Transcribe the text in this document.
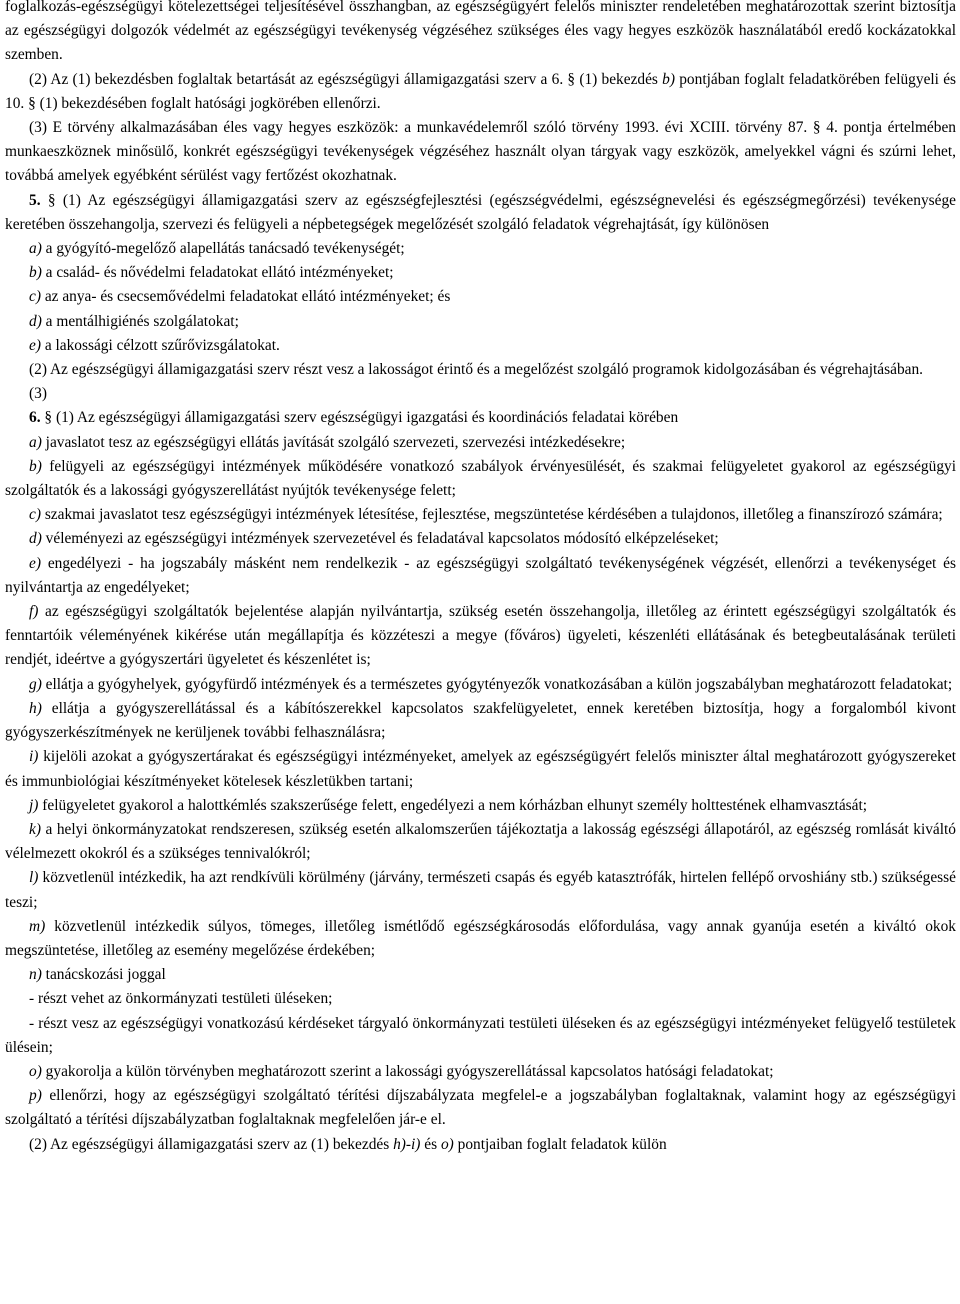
foglalkozás-egészségügyi kötelezettségei teljesítésével összhangban, az egészségügyért felelős miniszter rendeletében meghatározottak szerint biztosítja az egészségügyi dolgozók védelmét az egészségügyi tevékenység végzéséhez szükséges éles vagy hegyes eszközök használatából eredő kockázatokkal szemben.

(2) Az (1) bekezdésben foglaltak betartását az egészségügyi államigazgatási szerv a 6. § (1) bekezdés b) pontjában foglalt feladatkörében felügyeli és 10. § (1) bekezdésében foglalt hatósági jogkörében ellenőrzi.

(3) E törvény alkalmazásában éles vagy hegyes eszközök: a munkavédelemről szóló törvény 1993. évi XCIII. törvény 87. § 4. pontja értelmében munkaeszköznek minősülő, konkrét egészségügyi tevékenységek végzéséhez használt olyan tárgyak vagy eszközök, amelyekkel vágni és szúrni lehet, továbbá amelyek egyébként sérülést vagy fertőzést okozhatnak.

5. § (1) Az egészségügyi államigazgatási szerv az egészségfejlesztési (egészségvédelmi, egészségnevelési és egészségmegőrzési) tevékenysége keretében összehangolja, szervezi és felügyeli a népbetegségek megelőzését szolgáló feladatok végrehajtását, így különösen

a) a gyógyító-megelőző alapellátás tanácsadó tevékenységét;

b) a család- és nővédelmi feladatokat ellátó intézményeket;

c) az anya- és csecsemővédelmi feladatokat ellátó intézményeket; és

d) a mentálhigiénés szolgálatokat;

e) a lakossági célzott szűrővizsgálatokat.

(2) Az egészségügyi államigazgatási szerv részt vesz a lakosságot érintő és a megelőzést szolgáló programok kidolgozásában és végrehajtásában.

(3)

6. § (1) Az egészségügyi államigazgatási szerv egészségügyi igazgatási és koordinációs feladatai körében

a) javaslatot tesz az egészségügyi ellátás javítását szolgáló szervezeti, szervezési intézkedésekre;

b) felügyeli az egészségügyi intézmények működésére vonatkozó szabályok érvényesülését, és szakmai felügyeletet gyakorol az egészségügyi szolgáltatók és a lakossági gyógyszerellátást nyújtók tevékenysége felett;

c) szakmai javaslatot tesz egészségügyi intézmények létesítése, fejlesztése, megszüntetése kérdésében a tulajdonos, illetőleg a finanszírozó számára;

d) véleményezi az egészségügyi intézmények szervezetével és feladatával kapcsolatos módosító elképzeléseket;

e) engedélyezi - ha jogszabály másként nem rendelkezik - az egészségügyi szolgáltató tevékenységének végzését, ellenőrzi a tevékenységet és nyilvántartja az engedélyeket;

f) az egészségügyi szolgáltatók bejelentése alapján nyilvántartja, szükség esetén összehangolja, illetőleg az érintett egészségügyi szolgáltatók és fenntartóik véleményének kikérése után megállapítja és közzéteszi a megye (főváros) ügyeleti, készenléti ellátásának és betegbeutalásának területi rendjét, ideértve a gyógyszertári ügyeletet és készenlétet is;

g) ellátja a gyógyhelyek, gyógyfürdő intézmények és a természetes gyógytényezők vonatkozásában a külön jogszabályban meghatározott feladatokat;

h) ellátja a gyógyszerellátással és a kábítószerekkel kapcsolatos szakfelügyeletet, ennek keretében biztosítja, hogy a forgalomból kivont gyógyszerkészítmények ne kerüljenek további felhasználásra;

i) kijelöli azokat a gyógyszertárakat és egészségügyi intézményeket, amelyek az egészségügyért felelős miniszter által meghatározott gyógyszereket és immunbiológiai készítményeket kötelesek készletükben tartani;

j) felügyeletet gyakorol a halottkémlés szakszerűsége felett, engedélyezi a nem kórházban elhunyt személy holttestének elhamvasztását;

k) a helyi önkormányzatokat rendszeresen, szükség esetén alkalomszerűen tájékoztatja a lakosság egészségi állapotáról, az egészség romlását kiváltó vélelmezett okokról és a szükséges tennivalókról;

l) közvetlenül intézkedik, ha azt rendkívüli körülmény (járvány, természeti csapás és egyéb katasztrófák, hirtelen fellépő orvoshiány stb.) szükségessé teszi;

m) közvetlenül intézkedik súlyos, tömeges, illetőleg ismétlődő egészségkárosodás előfordulása, vagy annak gyanúja esetén a kiváltó okok megszüntetése, illetőleg az esemény megelőzése érdekében;

n) tanácskozási joggal

- részt vehet az önkormányzati testületi üléseken;

- részt vesz az egészségügyi vonatkozású kérdéseket tárgyaló önkormányzati testületi üléseken és az egészségügyi intézményeket felügyelő testületek ülésein;

o) gyakorolja a külön törvényben meghatározott szerint a lakossági gyógyszerellátással kapcsolatos hatósági feladatokat;

p) ellenőrzi, hogy az egészségügyi szolgáltató térítési díjszabályzata megfelel-e a jogszabályban foglaltaknak, valamint hogy az egészségügyi szolgáltató a térítési díjszabályzatban foglaltaknak megfelelően jár-e el.

(2) Az egészségügyi államigazgatási szerv az (1) bekezdés h)-i) és o) pontjaiban foglalt feladatok külön
